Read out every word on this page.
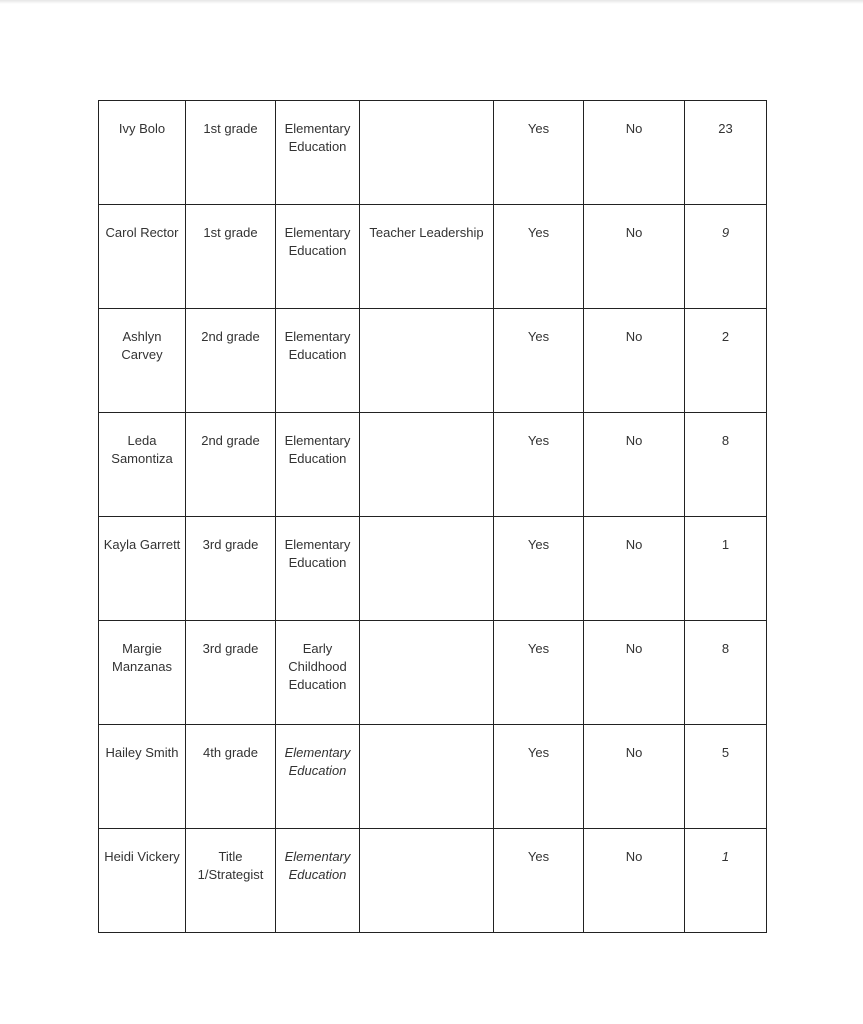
Ivy Bolo	1st grade	Elementary Education		Yes	No	23
Carol Rector	1st grade	Elementary Education	Teacher Leadership	Yes	No	9
Ashlyn Carvey	2nd grade	Elementary Education		Yes	No	2
Leda Samontiza	2nd grade	Elementary Education		Yes	No	8
Kayla Garrett	3rd grade	Elementary Education		Yes	No	1
Margie Manzanas	3rd grade	Early Childhood Education		Yes	No	8
Hailey Smith	4th grade	Elementary Education		Yes	No	5
Heidi Vickery	Title 1/Strategist	Elementary Education		Yes	No	1
